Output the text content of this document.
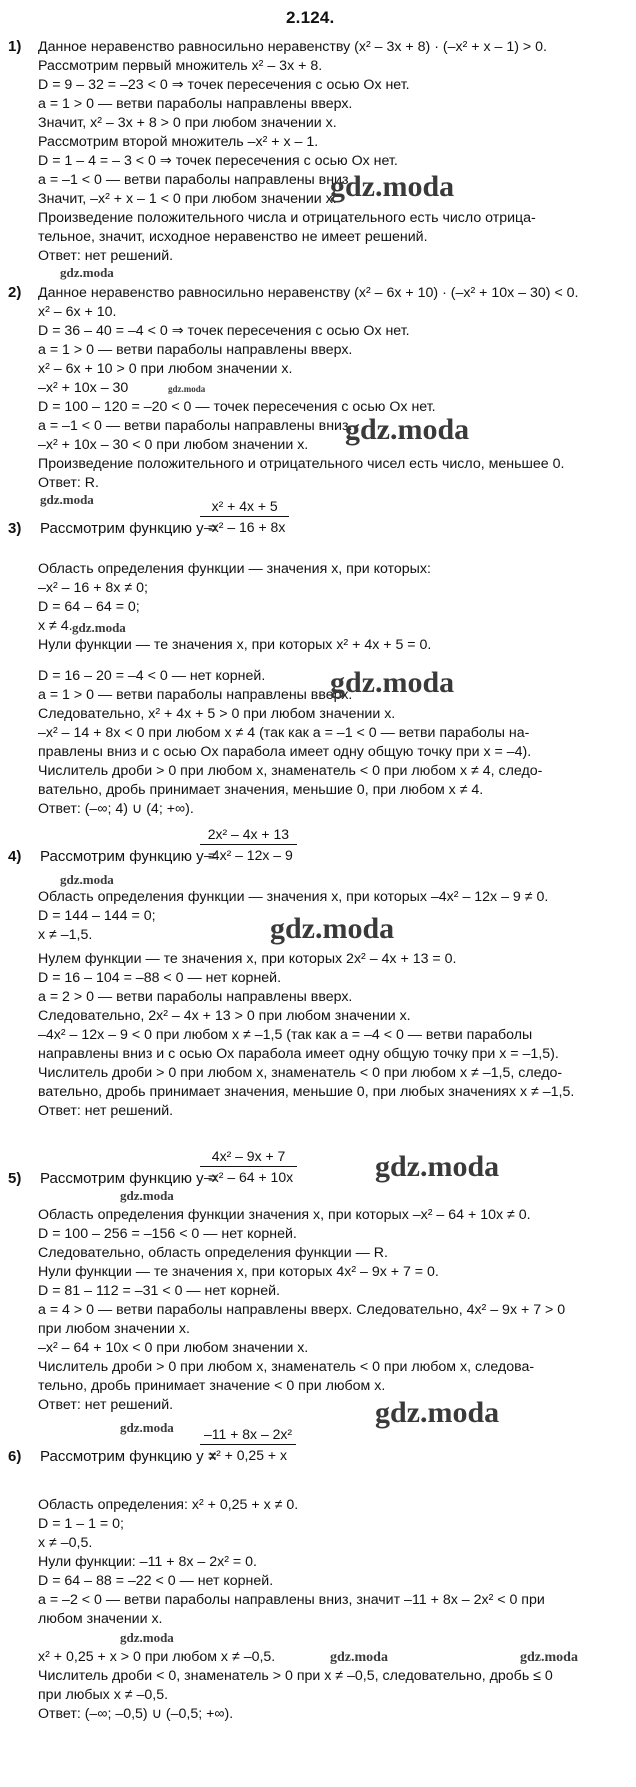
2.124.
1) Данное неравенство равносильно неравенству (x² – 3x + 8) · (–x² + x – 1) > 0.
Рассмотрим первый множитель x² – 3x + 8.
D = 9 – 32 = –23 < 0 ⇒ точек пересечения с осью Ox нет.
a = 1 > 0 — ветви параболы направлены вверх.
Значит, x² – 3x + 8 > 0 при любом значении x.
Рассмотрим второй множитель –x² + x – 1.
D = 1 – 4 = – 3 < 0 ⇒ точек пересечения с осью Ox нет.
a = –1 < 0 — ветви параболы направлены вниз.
Значит, –x² + x – 1 < 0 при любом значении x.
Произведение положительного числа и отрицательного есть число отрица-
тельное, значит, исходное неравенство не имеет решений.
Ответ: нет решений.
gdz.moda
gdz.moda
2) Данное неравенство равносильно неравенству (x² – 6x + 10) · (–x² + 10x – 30) < 0.
x² – 6x + 10.
D = 36 – 40 = –4 < 0 ⇒ точек пересечения с осью Ox нет.
a = 1 > 0 — ветви параболы направлены вверх.
x² – 6x + 10 > 0 при любом значении x.
–x² + 10x – 30	gdz.moda
D = 100 – 120 = –20 < 0 — точек пересечения с осью Ox нет.
a = –1 < 0 — ветви параболы направлены вниз.
–x² + 10x – 30 < 0 при любом значении x.
Произведение положительного и отрицательного чисел есть число, меньшее 0.
Ответ: R.
gdz.moda
gdz.moda
3) Рассмотрим функцию y =
$\frac{\text{x² + 4x + 5}}{\text{–x² – 16 + 8x}}$
Область определения функции — значения x, при которых:
–x² – 16 + 8x ≠ 0;
D = 64 – 64 = 0;
x ≠ 4. gdz.moda
Нули функции — те значения x, при которых x² + 4x + 5 = 0.
D = 16 – 20 = –4 < 0 — нет корней.
a = 1 > 0 — ветви параболы направлены вверх.
Следовательно, x² + 4x + 5 > 0 при любом значении x.
–x² – 14 + 8x < 0 при любом x ≠ 4 (так как a = –1 < 0 — ветви параболы на-
правлены вниз и с осью Ox парабола имеет одну общую точку при x = –4).
Числитель дроби > 0 при любом x, знаменатель < 0 при любом x ≠ 4, следо-
вательно, дробь принимает значения, меньшие 0, при любом x ≠ 4.
Ответ: (–∞; 4) ∪ (4; +∞).
gdz.moda
4) Рассмотрим функцию y =
$\frac{\text{2x² – 4x + 13}}{\text{–4x² – 12x – 9}}$
gdz.moda
Область определения функции — значения x, при которых –4x² – 12x – 9 ≠ 0.
D = 144 – 144 = 0;
x ≠ –1,5.
Нулем функции — те значения x, при которых 2x² – 4x + 13 = 0.
D = 16 – 104 = –88 < 0 — нет корней.
a = 2 > 0 — ветви параболы направлены вверх.
Следовательно, 2x² – 4x + 13 > 0 при любом значении x.
–4x² – 12x – 9 < 0 при любом x ≠ –1,5 (так как a = –4 < 0 — ветви параболы
направлены вниз и с осью Ox парабола имеет одну общую точку при x = –1,5).
Числитель дроби > 0 при любом x, знаменатель < 0 при любом x ≠ –1,5, следо-
вательно, дробь принимает значения, меньшие 0, при любых значениях x ≠ –1,5.
Ответ: нет решений.
gdz.moda
5) Рассмотрим функцию y =
$\frac{\text{4x² – 9x + 7}}{\text{–x² – 64 + 10x}}$
gdz.moda
gdz.moda
Область определения функции значения x, при которых –x² – 64 + 10x ≠ 0.
D = 100 – 256 = –156 < 0 — нет корней.
Следовательно, область определения функции — R.
Нули функции — те значения x, при которых 4x² – 9x + 7 = 0.
D = 81 – 112 = –31 < 0 — нет корней.
a = 4 > 0 — ветви параболы направлены вверх. Следовательно, 4x² – 9x + 7 > 0
при любом значении x.
–x² – 64 + 10x < 0 при любом значении x.
Числитель дроби > 0 при любом x, знаменатель < 0 при любом x, следова-
тельно, дробь принимает значение < 0 при любом x.
Ответ: нет решений.	gdz.moda
gdz.moda
6) Рассмотрим функцию y =
$\frac{\text{–11 + 8x – 2x²}}{\text{x² + 0,25 + x}}$
Область определения: x² + 0,25 + x ≠ 0.
D = 1 – 1 = 0;
x ≠ –0,5.
Нули функции: –11 + 8x – 2x² = 0.
D = 64 – 88 = –22 < 0 — нет корней.
a = –2 < 0 — ветви параболы направлены вниз, значит –11 + 8x – 2x² < 0 при
любом значении x.
gdz.moda
x² + 0,25 + x > 0 при любом x ≠ –0,5.	gdz.moda	gdz.moda
Числитель дроби < 0, знаменатель > 0 при x ≠ –0,5, следовательно, дробь ≤ 0
при любых x ≠ –0,5.
Ответ: (–∞; –0,5) ∪ (–0,5; +∞).
